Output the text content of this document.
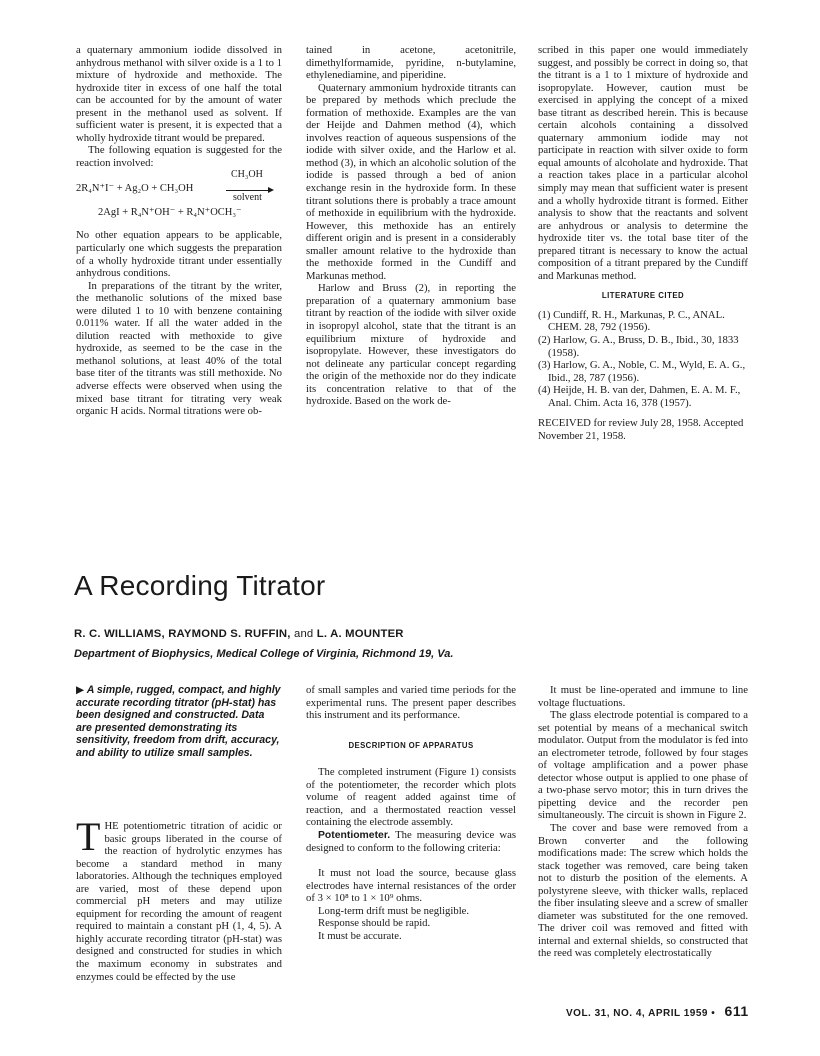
a quaternary ammonium iodide dissolved in anhydrous methanol with silver oxide is a 1 to 1 mixture of hydroxide and methoxide. The hydroxide titer in excess of one half the total can be accounted for by the amount of water present in the methanol used as solvent. If sufficient water is present, it is expected that a wholly hydroxide titrant would be prepared.

The following equation is suggested for the reaction involved:

2R₄N⁺I⁻ + Ag₂O + CH₃OH
CH₃OH
solvent
2AgI + R₄N⁺OH⁻ + R₄N⁺OCH₃⁻

No other equation appears to be applicable, particularly one which suggests the preparation of a wholly hydroxide titrant under essentially anhydrous conditions.

In preparations of the titrant by the writer, the methanolic solutions of the mixed base were diluted 1 to 10 with benzene containing 0.011% water. If all the water added in the dilution reacted with methoxide to give hydroxide, as seemed to be the case in the methanol solutions, at least 40% of the total base titer of the titrants was still methoxide. No adverse effects were observed when using the mixed base titrant for titrating very weak organic H acids. Normal titrations were ob-

tained in acetone, acetonitrile, dimethylformamide, pyridine, n-butylamine, ethylenediamine, and piperidine.

Quaternary ammonium hydroxide titrants can be prepared by methods which preclude the formation of methoxide. Examples are the van der Heijde and Dahmen method (4), which involves reaction of aqueous suspensions of the iodide with silver oxide, and the Harlow et al. method (3), in which an alcoholic solution of the iodide is passed through a bed of anion exchange resin in the hydroxide form. In these titrant solutions there is probably a trace amount of methoxide in equilibrium with the hydroxide. However, this methoxide has an entirely different origin and is present in a considerably smaller amount relative to the hydroxide than the methoxide formed in the Cundiff and Markunas method.

Harlow and Bruss (2), in reporting the preparation of a quaternary ammonium base titrant by reaction of the iodide with silver oxide in isopropyl alcohol, state that the titrant is an equilibrium mixture of hydroxide and isopropylate. However, these investigators do not delineate any particular concept regarding the origin of the methoxide nor do they indicate its concentration relative to that of the hydroxide. Based on the work de-

scribed in this paper one would immediately suggest, and possibly be correct in doing so, that the titrant is a 1 to 1 mixture of hydroxide and isopropylate. However, caution must be exercised in applying the concept of a mixed base titrant as described herein. This is because certain alcohols containing a dissolved quaternary ammonium iodide may not participate in reaction with silver oxide to form equal amounts of alcoholate and hydroxide. That a reaction takes place in a particular alcohol simply may mean that sufficient water is present and a wholly hydroxide titrant is formed. Either analysis to show that the reactants and solvent are anhydrous or analysis to determine the hydroxide titer vs. the total base titer of the prepared titrant is necessary to know the actual composition of a titrant prepared by the Cundiff and Markunas method.

LITERATURE CITED
(1) Cundiff, R. H., Markunas, P. C., ANAL. CHEM. 28, 792 (1956).
(2) Harlow, G. A., Bruss, D. B., Ibid., 30, 1833 (1958).
(3) Harlow, G. A., Noble, C. M., Wyld, E. A. G., Ibid., 28, 787 (1956).
(4) Heijde, H. B. van der, Dahmen, E. A. M. F., Anal. Chim. Acta 16, 378 (1957).
RECEIVED for review July 28, 1958. Accepted November 21, 1958.
A Recording Titrator
R. C. WILLIAMS, RAYMOND S. RUFFIN, and L. A. MOUNTER
Department of Biophysics, Medical College of Virginia, Richmond 19, Va.
▶ A simple, rugged, compact, and highly accurate recording titrator (pH-stat) has been designed and constructed. Data are presented demonstrating its sensitivity, freedom from drift, accuracy, and ability to utilize small samples.
T HE potentiometric titration of acidic or basic groups liberated in the course of the reaction of hydrolytic enzymes has become a standard method in many laboratories. Although the techniques employed are varied, most of these depend upon commercial pH meters and may utilize equipment for recording the amount of reagent required to maintain a constant pH (1, 4, 5). A highly accurate recording titrator (pH-stat) was designed and constructed for studies in which the maximum economy in substrates and enzymes could be effected by the use

of small samples and varied time periods for the experimental runs. The present paper describes this instrument and its performance.

DESCRIPTION OF APPARATUS

The completed instrument (Figure 1) consists of the potentiometer, the recorder which plots volume of reagent added against time of reaction, and a thermostated reaction vessel containing the electrode assembly.

Potentiometer. The measuring device was designed to conform to the following criteria:

It must not load the source, because glass electrodes have internal resistances of the order of 3 × 10⁸ to 1 × 10⁹ ohms.

Long-term drift must be negligible.

Response should be rapid.

It must be accurate.

It must be line-operated and immune to line voltage fluctuations.

The glass electrode potential is compared to a set potential by means of a mechanical switch modulator. Output from the modulator is fed into an electrometer tetrode, followed by four stages of voltage amplification and a power phase detector whose output is applied to one phase of a two-phase servo motor; this in turn drives the pipetting device and the recorder pen simultaneously. The circuit is shown in Figure 2.

The cover and base were removed from a Brown converter and the following modifications made: The screw which holds the stack together was removed, care being taken not to disturb the position of the elements. A polystyrene sleeve, with thicker walls, replaced the fiber insulating sleeve and a screw of smaller diameter was substituted for the one removed. The driver coil was removed and fitted with internal and external shields, so constructed that the reed was completely electrostatically

VOL. 31, NO. 4, APRIL 1959 • 611
